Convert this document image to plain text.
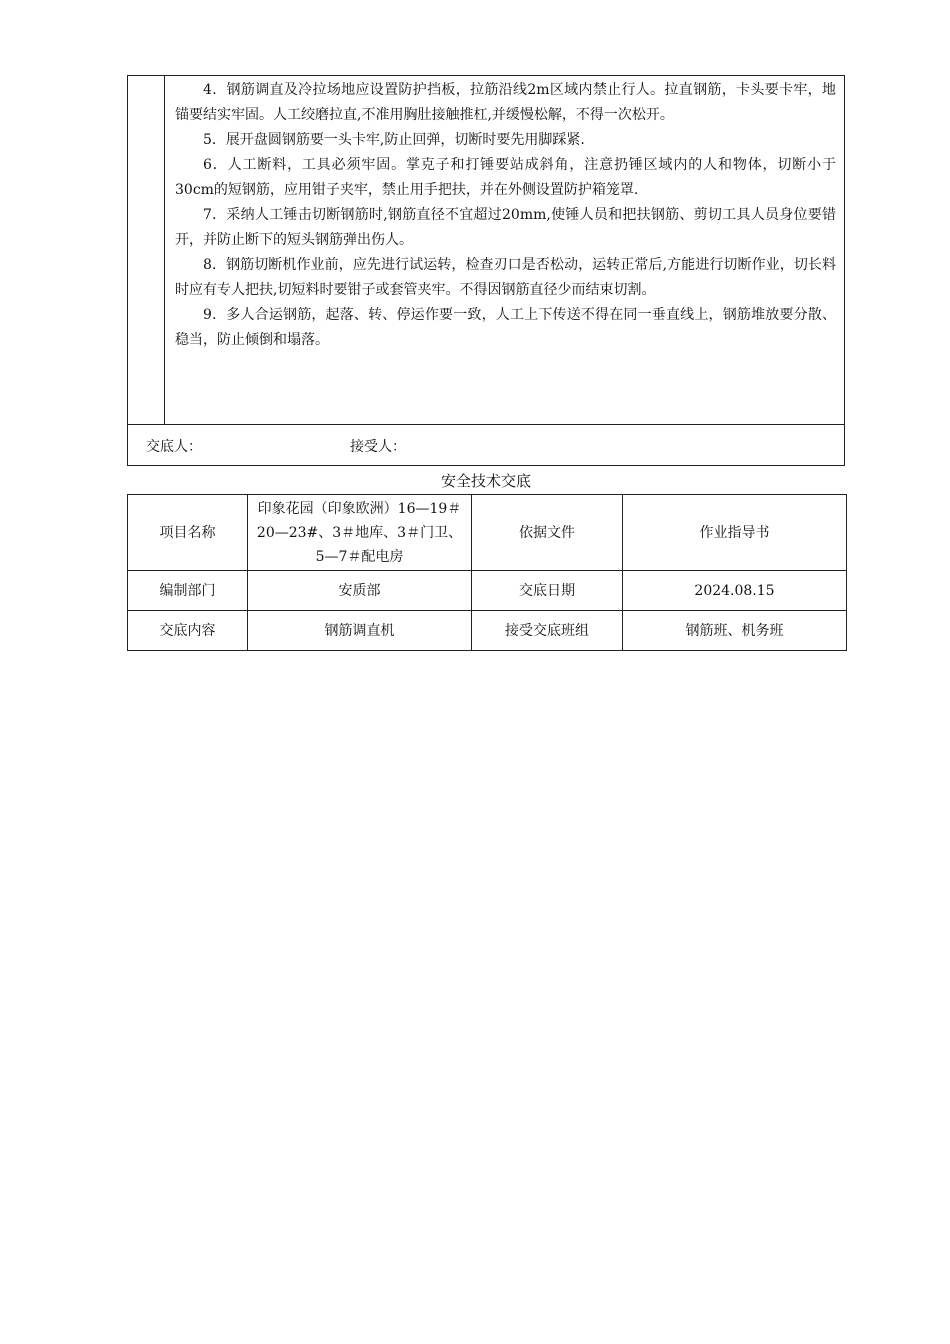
4．钢筋调直及冷拉场地应设置防护挡板，拉筋沿线2m区域内禁止行人。拉直钢筋，卡头要卡牢，地锚要结实牢固。人工绞磨拉直,不准用胸肚接触推杠,并缓慢松解，不得一次松开。

5．展开盘圆钢筋要一头卡牢,防止回弹，切断时要先用脚踩紧.

6．人工断料，工具必须牢固。掌克子和打锤要站成斜角，注意扔锤区域内的人和物体，切断小于30cm的短钢筋，应用钳子夹牢，禁止用手把扶，并在外侧设置防护箱笼罩.

7．采纳人工锤击切断钢筋时,钢筋直径不宜超过20mm,使锤人员和把扶钢筋、剪切工具人员身位要错开，并防止断下的短头钢筋弹出伤人。

8．钢筋切断机作业前，应先进行试运转，检查刃口是否松动，运转正常后,方能进行切断作业，切长料时应有专人把扶,切短料时要钳子或套管夹牢。不得因钢筋直径少而结束切割。

9．多人合运钢筋，起落、转、停运作要一致，人工上下传送不得在同一垂直线上，钢筋堆放要分散、稳当，防止倾倒和塌落。

交底人：	接受人：
安全技术交底
项目名称	印象花园（印象欧洲）16—19＃20—23#、3＃地库、3＃门卫、5—7＃配电房	依据文件	作业指导书
编制部门	安质部	交底日期	2024.08.15
交底内容	钢筋调直机	接受交底班组	钢筋班、机务班
